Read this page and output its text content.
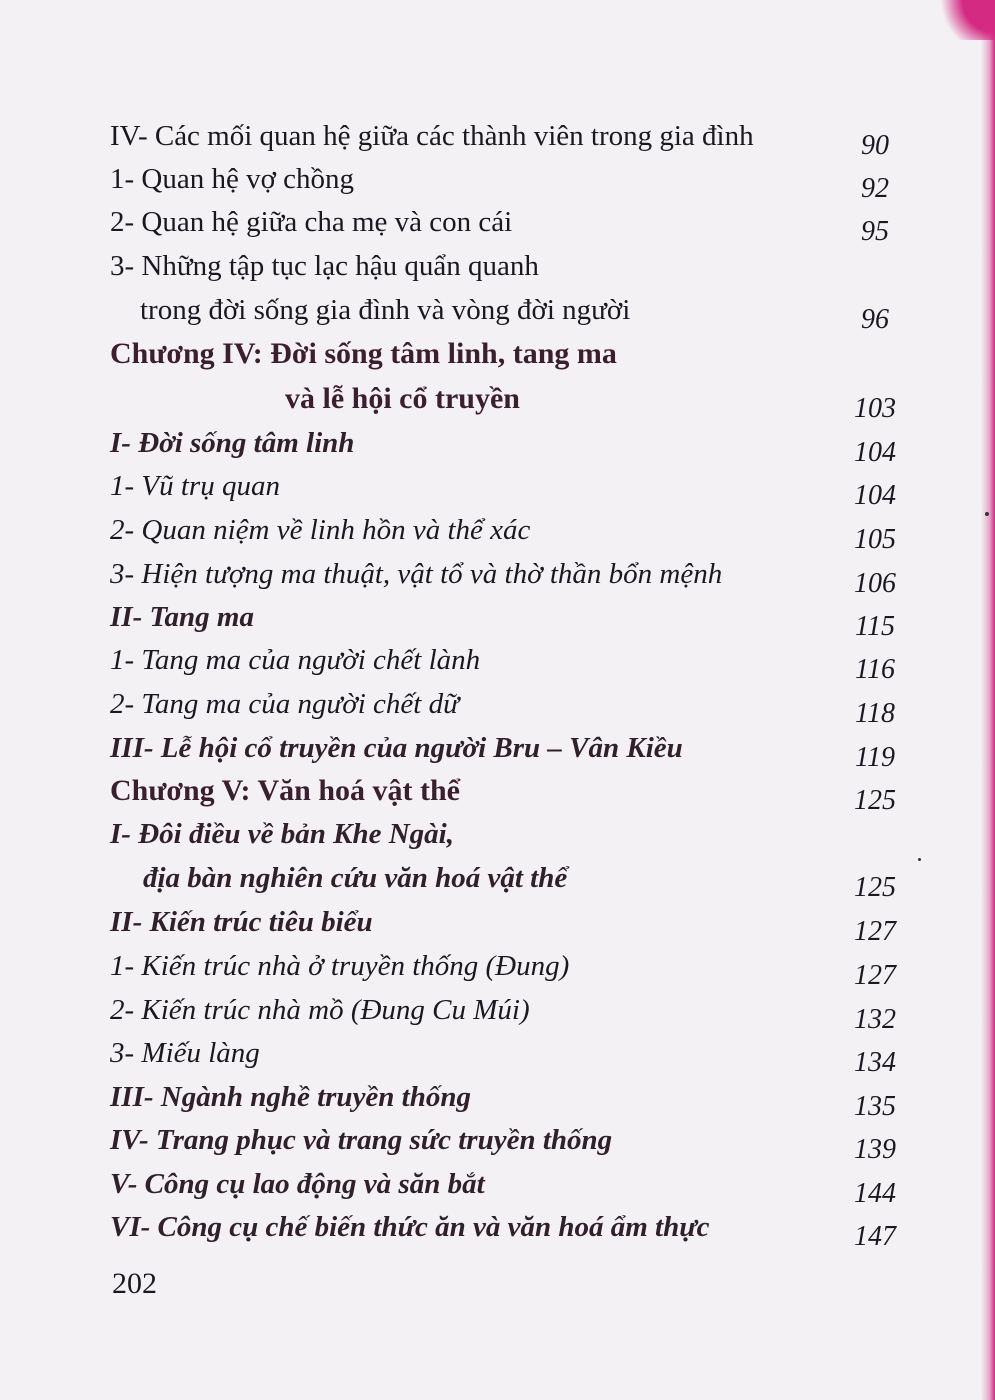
IV- Các mối quan hệ giữa các thành viên trong gia đình	90
1- Quan hệ vợ chồng	92
2- Quan hệ giữa cha mẹ và con cái	95
3- Những tập tục lạc hậu quẩn quanh
trong đời sống gia đình và vòng đời người	96
Chương IV: Đời sống tâm linh, tang ma
và lễ hội cổ truyền	103
I- Đời sống tâm linh	104
1- Vũ trụ quan	104
2- Quan niệm về linh hồn và thể xác	105
3- Hiện tượng ma thuật, vật tổ và thờ thần bổn mệnh	106
II- Tang ma	115
1- Tang ma của người chết lành	116
2- Tang ma của người chết dữ	118
III- Lễ hội cổ truyền của người Bru – Vân Kiều	119
Chương V: Văn hoá vật thể	125
I- Đôi điều về bản Khe Ngài,
địa bàn nghiên cứu văn hoá vật thể	125
II- Kiến trúc tiêu biểu	127
1- Kiến trúc nhà ở truyền thống (Đung)	127
2- Kiến trúc nhà mồ (Đung Cu Múi)	132
3- Miếu làng	134
III- Ngành nghề truyền thống	135
IV- Trang phục và trang sức truyền thống	139
V- Công cụ lao động và săn bắt	144
VI- Công cụ chế biến thức ăn và văn hoá ẩm thực	147
202
